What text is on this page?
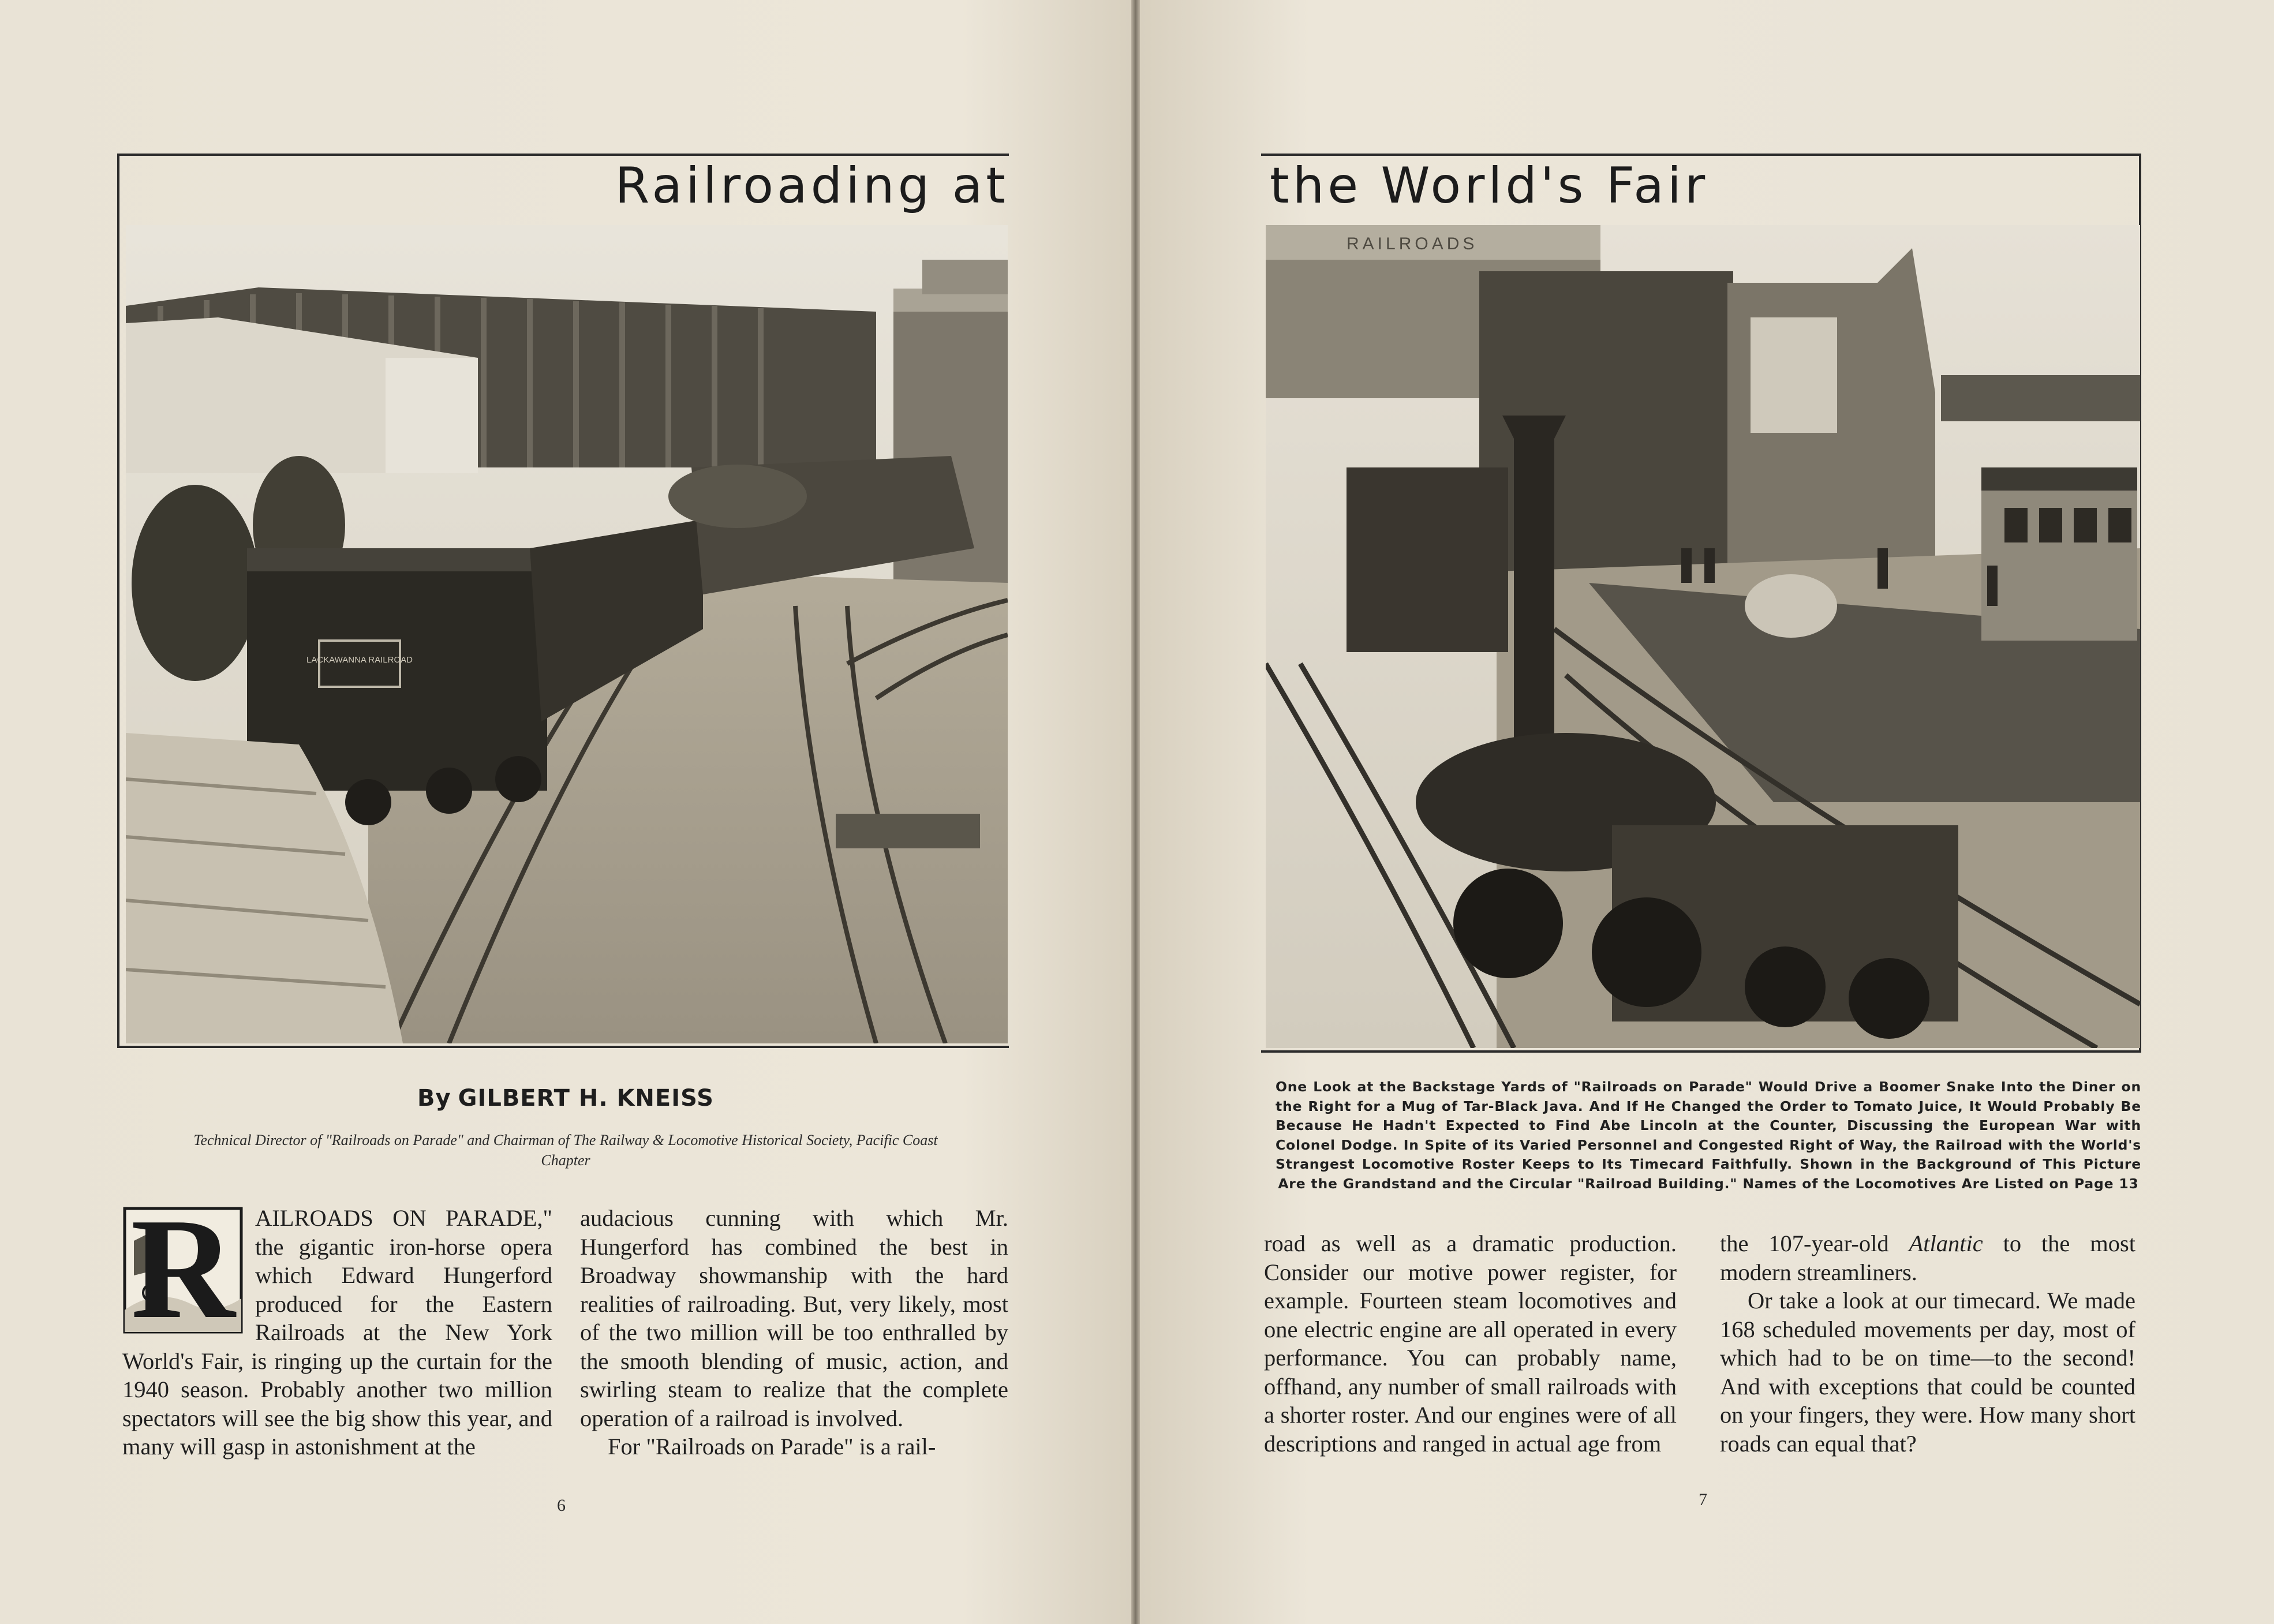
Railroading at
LACKAWANNA RAILROAD
By GILBERT H. KNEISS
Technical Director of "Railroads on Parade" and Chairman of The Railway & Locomotive Historical Society, Pacific Coast Chapter
R AILROADS ON PARADE," the gigantic iron-horse opera which Edward Hungerford produced for the Eastern Railroads at the New York World's Fair, is ringing up the curtain for the 1940 season. Probably another two million spectators will see the big show this year, and many will gasp in astonishment at the

audacious cunning with which Mr. Hungerford has combined the best in Broadway showmanship with the hard realities of railroading. But, very likely, most of the two million will be too enthralled by the smooth blending of music, action, and swirling steam to realize that the complete operation of a railroad is involved.

For "Railroads on Parade" is a rail-

6
the World's Fair
RAILROADS
One Look at the Backstage Yards of "Railroads on Parade" Would Drive a Boomer Snake Into the Diner on the Right for a Mug of Tar-Black Java. And If He Changed the Order to Tomato Juice, It Would Probably Be Because He Hadn't Expected to Find Abe Lincoln at the Counter, Discussing the European War with Colonel Dodge. In Spite of its Varied Personnel and Congested Right of Way, the Railroad with the World's Strangest Locomotive Roster Keeps to Its Timecard Faithfully. Shown in the Background of This Picture Are the Grandstand and the Circular "Railroad Building." Names of the Locomotives Are Listed on Page 13

road as well as a dramatic production. Consider our motive power register, for example. Fourteen steam locomotives and one electric engine are all operated in every performance. You can probably name, offhand, any number of small railroads with a shorter roster. And our engines were of all descriptions and ranged in actual age from

the 107-year-old Atlantic to the most modern streamliners.

Or take a look at our timecard. We made 168 scheduled movements per day, most of which had to be on time—to the second! And with exceptions that could be counted on your fingers, they were. How many short roads can equal that?

7
